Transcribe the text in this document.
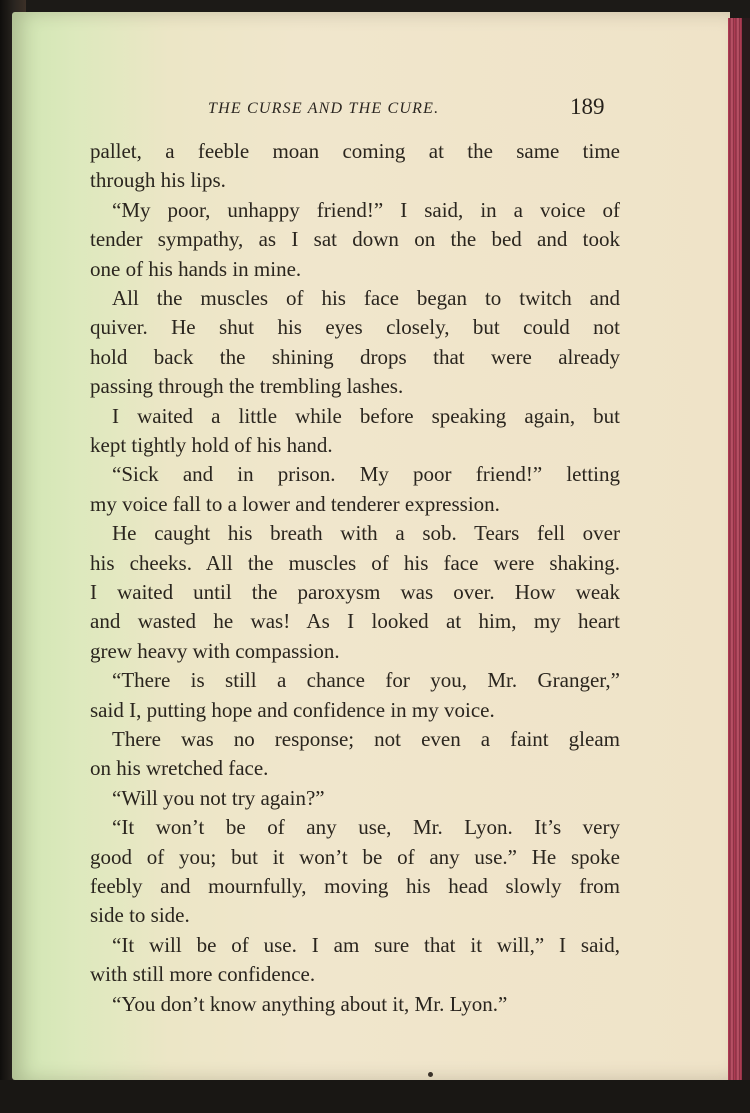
THE CURSE AND THE CURE.	189
pallet, a feeble moan coming at the same time
through his lips.
“My poor, unhappy friend!” I said, in a voice of
tender sympathy, as I sat down on the bed and took
one of his hands in mine.
All the muscles of his face began to twitch and
quiver. He shut his eyes closely, but could not
hold back the shining drops that were already
passing through the trembling lashes.
I waited a little while before speaking again, but
kept tightly hold of his hand.
“Sick and in prison. My poor friend!” letting
my voice fall to a lower and tenderer expression.
He caught his breath with a sob. Tears fell over
his cheeks. All the muscles of his face were shaking.
I waited until the paroxysm was over. How weak
and wasted he was! As I looked at him, my heart
grew heavy with compassion.
“There is still a chance for you, Mr. Granger,”
said I, putting hope and confidence in my voice.
There was no response; not even a faint gleam
on his wretched face.
“Will you not try again?”
“It won’t be of any use, Mr. Lyon. It’s very
good of you; but it won’t be of any use.” He spoke
feebly and mournfully, moving his head slowly from
side to side.
“It will be of use. I am sure that it will,” I said,
with still more confidence.
“You don’t know anything about it, Mr. Lyon.”
